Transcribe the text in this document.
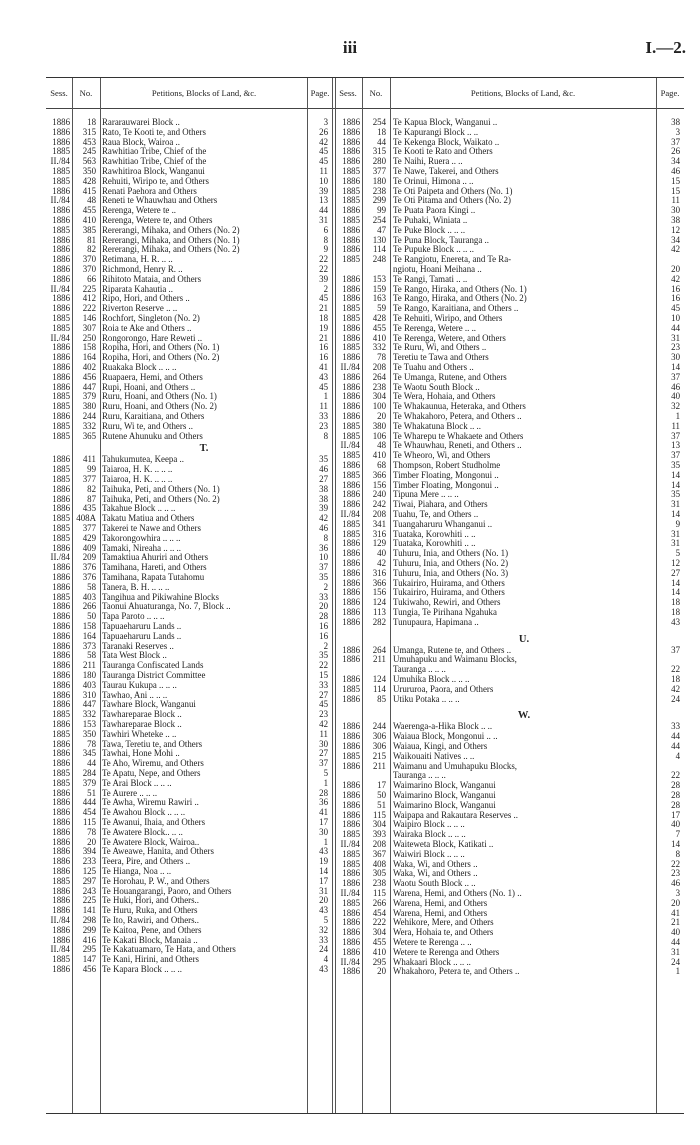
iii	I.—2.
Sess.	No.	Petitions, Blocks of Land, &c.	Page.	Sess.	No.	Petitions, Blocks of Land, &c.	Page.
1886	18 Rararauwarei Block ..	3
1886	315 Rato, Te Kooti te, and Others	26
1886	453 Raua Block, Wairoa ..	42
1885	245 Rawhitiao Tribe, Chief of the	45
II./84	563 Rawhitiao Tribe, Chief of the	45
1885	350 Rawhitiroa Block, Wanganui	11
1885	428 Rehuiti, Wiripo te, and Others	10
1886	415 Renati Paehora and Others	39
II./84	48 Reneti te Whauwhau and Others	13
1886	455 Rerenga, Wetere te ..	44
1886	410 Rerenga, Wetere te, and Others	31
1885	385 Rererangi, Mihaka, and Others (No. 2)	6
1886	81 Rererangi, Mihaka, and Others (No. 1)	8
1886	82 Rererangi, Mihaka, and Others (No. 2)	9
1886	370 Retimana, H. R. .. ..	22
1886	370 Richmond, Henry R. ..	22
1886	66 Rihitoto Mataia, and Others	39
II./84	225 Riparata Kahautia ..	2
1886	412 Ripo, Hori, and Others ..	45
1886	222 Riverton Reserve .. ..	21
1885	146 Rochfort, Singleton (No. 2)	18
1885	307 Roia te Ake and Others ..	19
II./84	250 Rongorongo, Hare Reweti ..	21
1886	158 Ropiha, Hori, and Others (No. 1)	16
1886	164 Ropiha, Hori, and Others (No. 2)	16
1886	402 Ruakaka Block .. .. ..	41
1886	456 Ruapaera, Hemi, and Others	43
1886	447 Rupi, Hoani, and Others ..	45
1885	379 Ruru, Hoani, and Others (No. 1)	1
1885	380 Ruru, Hoani, and Others (No. 2)	11
1886	244 Ruru, Karaitiana, and Others	33
1885	332 Ruru, Wi te, and Others ..	23
1885	365 Rutene Ahunuku and Others	8
T.
1886	411 Tahukumutea, Keepa ..	35
1885	99 Taiaroa, H. K. .. .. ..	46
1885	377 Taiaroa, H. K. .. .. ..	27
1886	82 Taihuka, Peti, and Others (No. 1)	38
1886	87 Taihuka, Peti, and Others (No. 2)	38
1886	435 Takahue Block .. .. ..	39
1885 408A Takatu Matiua and Others	42
1885	377 Takerei te Nawe and Others	46
1885	429 Takorongowhira .. .. ..	8
1886	409 Tamaki, Nireaha .. .. ..	36
II./84	209 Tamaktiua Ahuriri and Others	10
1886	376 Tamihana, Hareti, and Others	37
1886	376 Tamihana, Rapata Tutahomu	35
1886	58 Tanera, B. H. .. .. ..	2
1885	403 Tangihua and Pikiwahine Blocks	33
1886	266 Taonui Ahuaturanga, No. 7, Block ..	20
1886	50 Tapa Paroto .. .. ..	28
1886	158 Tapuaeharuru Lands ..	16
1886	164 Tapuaeharuru Lands ..	16
1886	373 Taranaki Reserves ..	2
1886	58 Tata West Block ..	35
1886	211 Tauranga Confiscated Lands	22
1886	180 Tauranga District Committee	15
1886	403 Taurau Kukupa .. .. ..	33
1886	310 Tawhao, Ani .. .. ..	27
1886	447 Tawhare Block, Wanganui	45
1885	332 Tawhareparaе Block ..	23
1886	153 Tawhareparaе Block ..	42
1885	350 Tawhiri Wheteke .. ..	11
1886	78 Tawa, Teretiu te, and Others	30
1886	345 Tawhai, Hone Mohi ..	27
1886	44 Te Aho, Wiremu, and Others	37
1885	284 Te Apatu, Nepe, and Others	5
1885	379 Te Arai Block .. .. ..	1
1886	51 Te Aurere .. .. ..	28
1886	444 Te Awha, Wiremu Rawiri ..	36
1886	454 Te Awahou Block .. .. ..	41
1886	115 Te Awanui, Ihaia, and Others	17
1886	78 Te Awatere Block.. .. ..	30
1886	20 Te Awatere Block, Wairoa..	1
1886	394 Te Aweawe, Hanita, and Others	43
1886	233 Teera, Pire, and Others ..	19
1886	125 Te Hianga, Noa .. ..	14
1885	297 Te Horohau, P. W., and Others	17
1886	243 Te Houangarangi, Paoro, and Others	31
1886	225 Te Huki, Hori, and Others..	20
1886	141 Te Huru, Ruka, and Others	43
II./84	298 Te Ito, Rawiri, and Others..	5
1886	299 Te Kaitoa, Pene, and Others	32
1886	416 Te Kakati Block, Manaia ..	33
II./84	295 Te Kakatuamaro, Te Hata, and Others	24
1885	147 Te Kani, Hirini, and Others	4
1886	456 Te Kapara Block .. .. ..	43
1886	254 Te Kapua Block, Wanganui ..	38
1886	18 Te Kapurangi Block .. ..	3
1886	44 Te Kekenga Block, Waikato ..	37
1886	315 Te Kooti te Rato and Others	26
1886	280 Te Naihi, Ruera .. ..	34
1885	377 Te Nawe, Takerei, and Others	46
1886	180 Te Orinui, Himona .. ..	15
1885	238 Te Oti Paipeta and Others (No. 1)	15
1885	299 Te Oti Pitama and Others (No. 2)	11
1886	99 Te Puata Paora Kingi ..	30
1885	254 Te Puhaki, Winiata ..	38
1886	47 Te Puke Block .. .. ..	12
1886	130 Te Puna Block, Tauranga ..	34
1886	114 Te Pupuke Block .. .. ..	42
1885	248 Te Rangiotu, Enereta, and Te Ra-
ngiotu, Hoani Meihana ..	20
1886	153 Te Rangi, Tamati .. ..	42
1886	159 Te Rango, Hiraka, and Others (No. 1)	16
1886	163 Te Rango, Hiraka, and Others (No. 2)	16
1885	59 Te Rango, Karaitiana, and Others ..	45
1885	428 Te Rehuiti, Wiripo, and Others	10
1886	455 Te Rerenga, Wetere .. ..	44
1886	410 Te Rerenga, Wetere, and Others	31
1885	332 Te Ruru, Wi, and Others ..	23
1886	78 Teretiu te Tawa and Others	30
II./84	208 Te Tuahu and Others ..	14
1886	264 Te Umanga, Rutene, and Others	37
1886	238 Te Waotu South Block ..	46
1886	304 Te Wera, Hohaia, and Others	40
1886	100 Te Whakaunua, Heteraka, and Others	32
1886	20 Te Whakahoro, Petera, and Others ..	1
1885	380 Te Whakatuna Block .. ..	11
1885	106 Te Wharepu te Whakaete and Others	37
II./84	48 Te Whauwhau, Reneti, and Others ..	13
1885	410 Te Wheoro, Wi, and Others	37
1886	68 Thompson, Robert Studholme	35
1885	366 Timber Floating, Mongonui ..	14
1886	156 Timber Floating, Mongonui ..	14
1886	240 Tipuna Mere .. .. ..	35
1886	242 Tiwai, Piahara, and Others	31
II./84	208 Tuahu, Te, and Others ..	14
1885	341 Tuangaharuru Whanganui ..	9
1885	316 Tuataka, Korowhiti .. ..	31
1886	129 Tuataka, Korowhiti .. ..	31
1886	40 Tuhuru, Inia, and Others (No. 1)	5
1886	42 Tuhuru, Inia, and Others (No. 2)	12
1886	316 Tuhuru, Inia, and Others (No. 3)	27
1886	366 Tukairiro, Huirama, and Others	14
1886	156 Tukairiro, Huirama, and Others	14
1886	124 Tukiwaho, Rewiri, and Others	18
1886	113 Tungia, Te Pirihana Ngahuka	18
1886	282 Tunupaura, Hapimana ..	43
U.
1886	264 Umanga, Rutene te, and Others ..	37
1886	211 Umuhapuku and Waimanu Blocks,
Tauranga .. .. ..	22
1886	124 Umuhika Block .. .. ..	18
1885	114 Urururoa, Paora, and Others	42
1886	85 Utiku Potaka .. .. ..	24
W.
1886	244 Waerenga-a-Hika Block .. ..	33
1886	306 Waiaua Block, Mongonui .. ..	44
1886	306 Waiaua, Kingi, and Others	44
1885	215 Waikouaiti Natives .. ..	4
1886	211 Waimanu and Umuhapuku Blocks,
Tauranga .. .. ..	22
1886	17 Waimarino Block, Wanganui	28
1886	50 Waimarino Block, Wanganui	28
1886	51 Waimarino Block, Wanganui	28
1886	115 Waipapa and Rakautara Reserves ..	17
1886	304 Waipiro Block .. .. ..	40
1885	393 Wairaka Block .. .. ..	7
II./84	208 Waiteweta Block, Katikati ..	14
1885	367 Waiwiri Block .. .. ..	8
1885	408 Waka, Wi, and Others ..	22
1886	305 Waka, Wi, and Others ..	23
1886	238 Waotu South Block .. ..	46
II./84	115 Warena, Hemi, and Others (No. 1) ..	3
1885	266 Warena, Hemi, and Others	20
1886	454 Warena, Hemi, and Others	41
1886	222 Wehikore, Mere, and Others	21
1886	304 Wera, Hohaia te, and Others	40
1886	455 Wetere te Rerenga .. ..	44
1886	410 Wetere te Rerenga and Others	31
II./84	295 Whakaari Block .. .. ..	24
1886	20 Whakahoro, Petera te, and Others ..	1
